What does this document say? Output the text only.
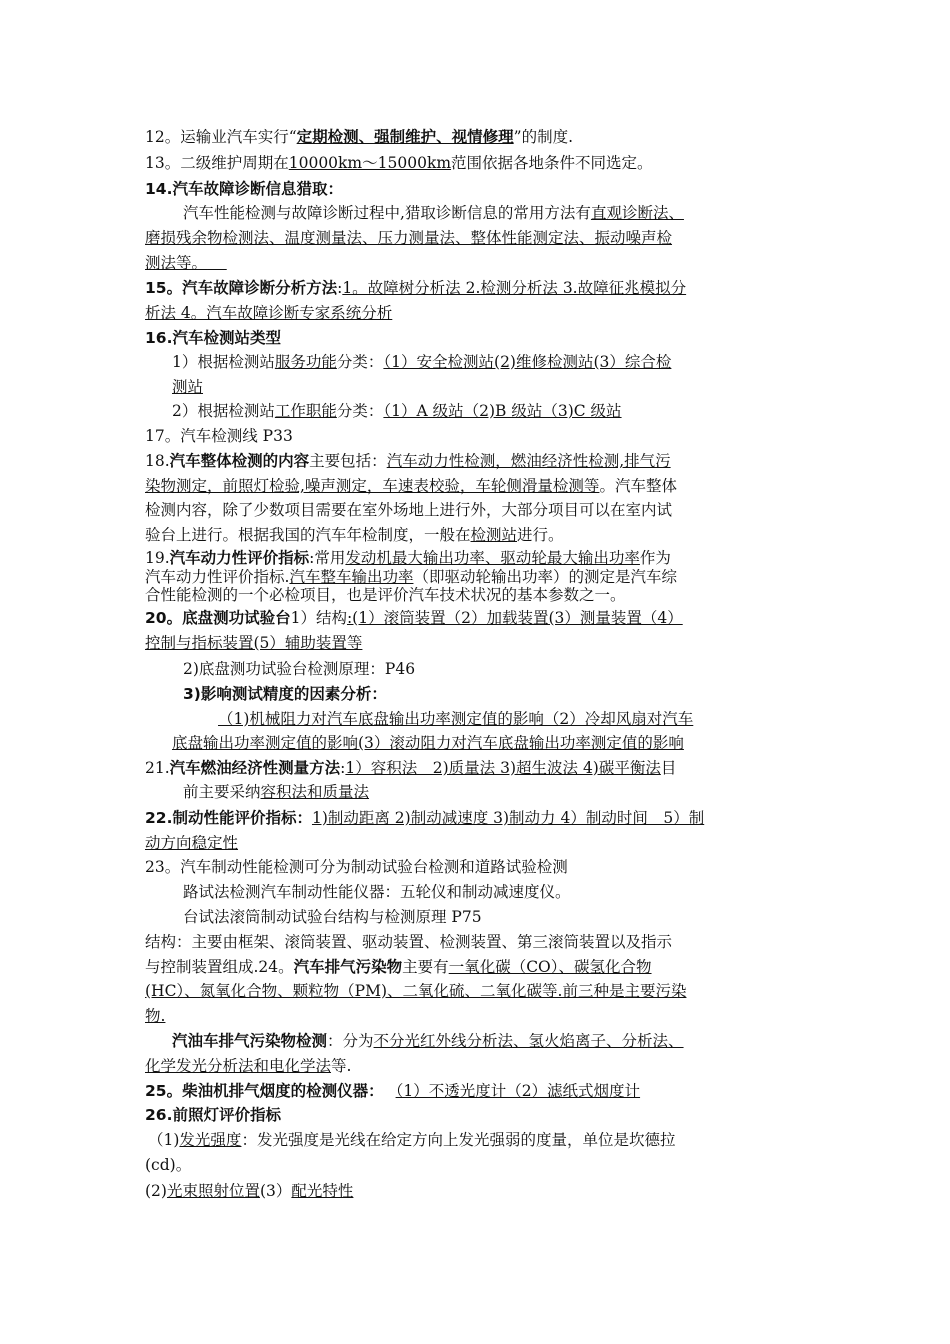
12。运输业汽车实行“定期检测、强制维护、视情修理”的制度.
13。二级维护周期在10000km～15000km范围依据各地条件不同选定。
14.汽车故障诊断信息猎取：
汽车性能检测与故障诊断过程中,猎取诊断信息的常用方法有直观诊断法、
磨损残余物检测法、温度测量法、压力测量法、整体性能测定法、振动噪声检
测法等。
15。汽车故障诊断分析方法:1。故障树分析法 2.检测分析法 3.故障征兆模拟分
析法 4。汽车故障诊断专家系统分析
16.汽车检测站类型
1）根据检测站服务功能分类：（1）安全检测站(2)维修检测站(3）综合检
测站
2）根据检测站工作职能分类：（1）A 级站（2)B 级站（3)C 级站
17。汽车检测线 P33
18.汽车整体检测的内容主要包括：汽车动力性检测，燃油经济性检测,排气污
染物测定，前照灯检验,噪声测定，车速表校验，车轮侧滑量检测等。汽车整体
检测内容，除了少数项目需要在室外场地上进行外，大部分项目可以在室内试
验台上进行。根据我国的汽车年检制度，一般在检测站进行。
19.汽车动力性评价指标:常用发动机最大输出功率、驱动轮最大输出功率作为
汽车动力性评价指标.汽车整车输出功率（即驱动轮输出功率）的测定是汽车综
合性能检测的一个必检项目，也是评价汽车技术状况的基本参数之一。
20。底盘测功试验台1）结构:(1）滚筒装置（2）加载装置(3）测量装置（4）
控制与指标装置(5）辅助装置等
2)底盘测功试验台检测原理：P46
3)影响测试精度的因素分析：
（1)机械阻力对汽车底盘输出功率测定值的影响（2）冷却风扇对汽车
底盘输出功率测定值的影响(3）滚动阻力对汽车底盘输出功率测定值的影响
21.汽车燃油经济性测量方法:1）容积法　2)质量法 3)超生波法 4)碳平衡法目
前主要采纳容积法和质量法
22.制动性能评价指标：1)制动距离 2)制动减速度 3)制动力 4）制动时间　5）制
动方向稳定性
23。汽车制动性能检测可分为制动试验台检测和道路试验检测
路试法检测汽车制动性能仪器：五轮仪和制动减速度仪。
台试法滚筒制动试验台结构与检测原理 P75
结构：主要由框架、滚筒装置、驱动装置、检测装置、第三滚筒装置以及指示
与控制装置组成.24。汽车排气污染物主要有一氧化碳（CO）、碳氢化合物
(HC）、氮氧化合物、颗粒物（PM)、二氧化硫、二氧化碳等.前三种是主要污染
物.
汽油车排气污染物检测：分为不分光红外线分析法、氢火焰离子、分析法、
化学发光分析法和电化学法等.
25。柴油机排气烟度的检测仪器： （1）不透光度计（2）滤纸式烟度计
26.前照灯评价指标
（1)发光强度：发光强度是光线在给定方向上发光强弱的度量，单位是坎德拉
(cd)。
(2)光束照射位置(3）配光特性
